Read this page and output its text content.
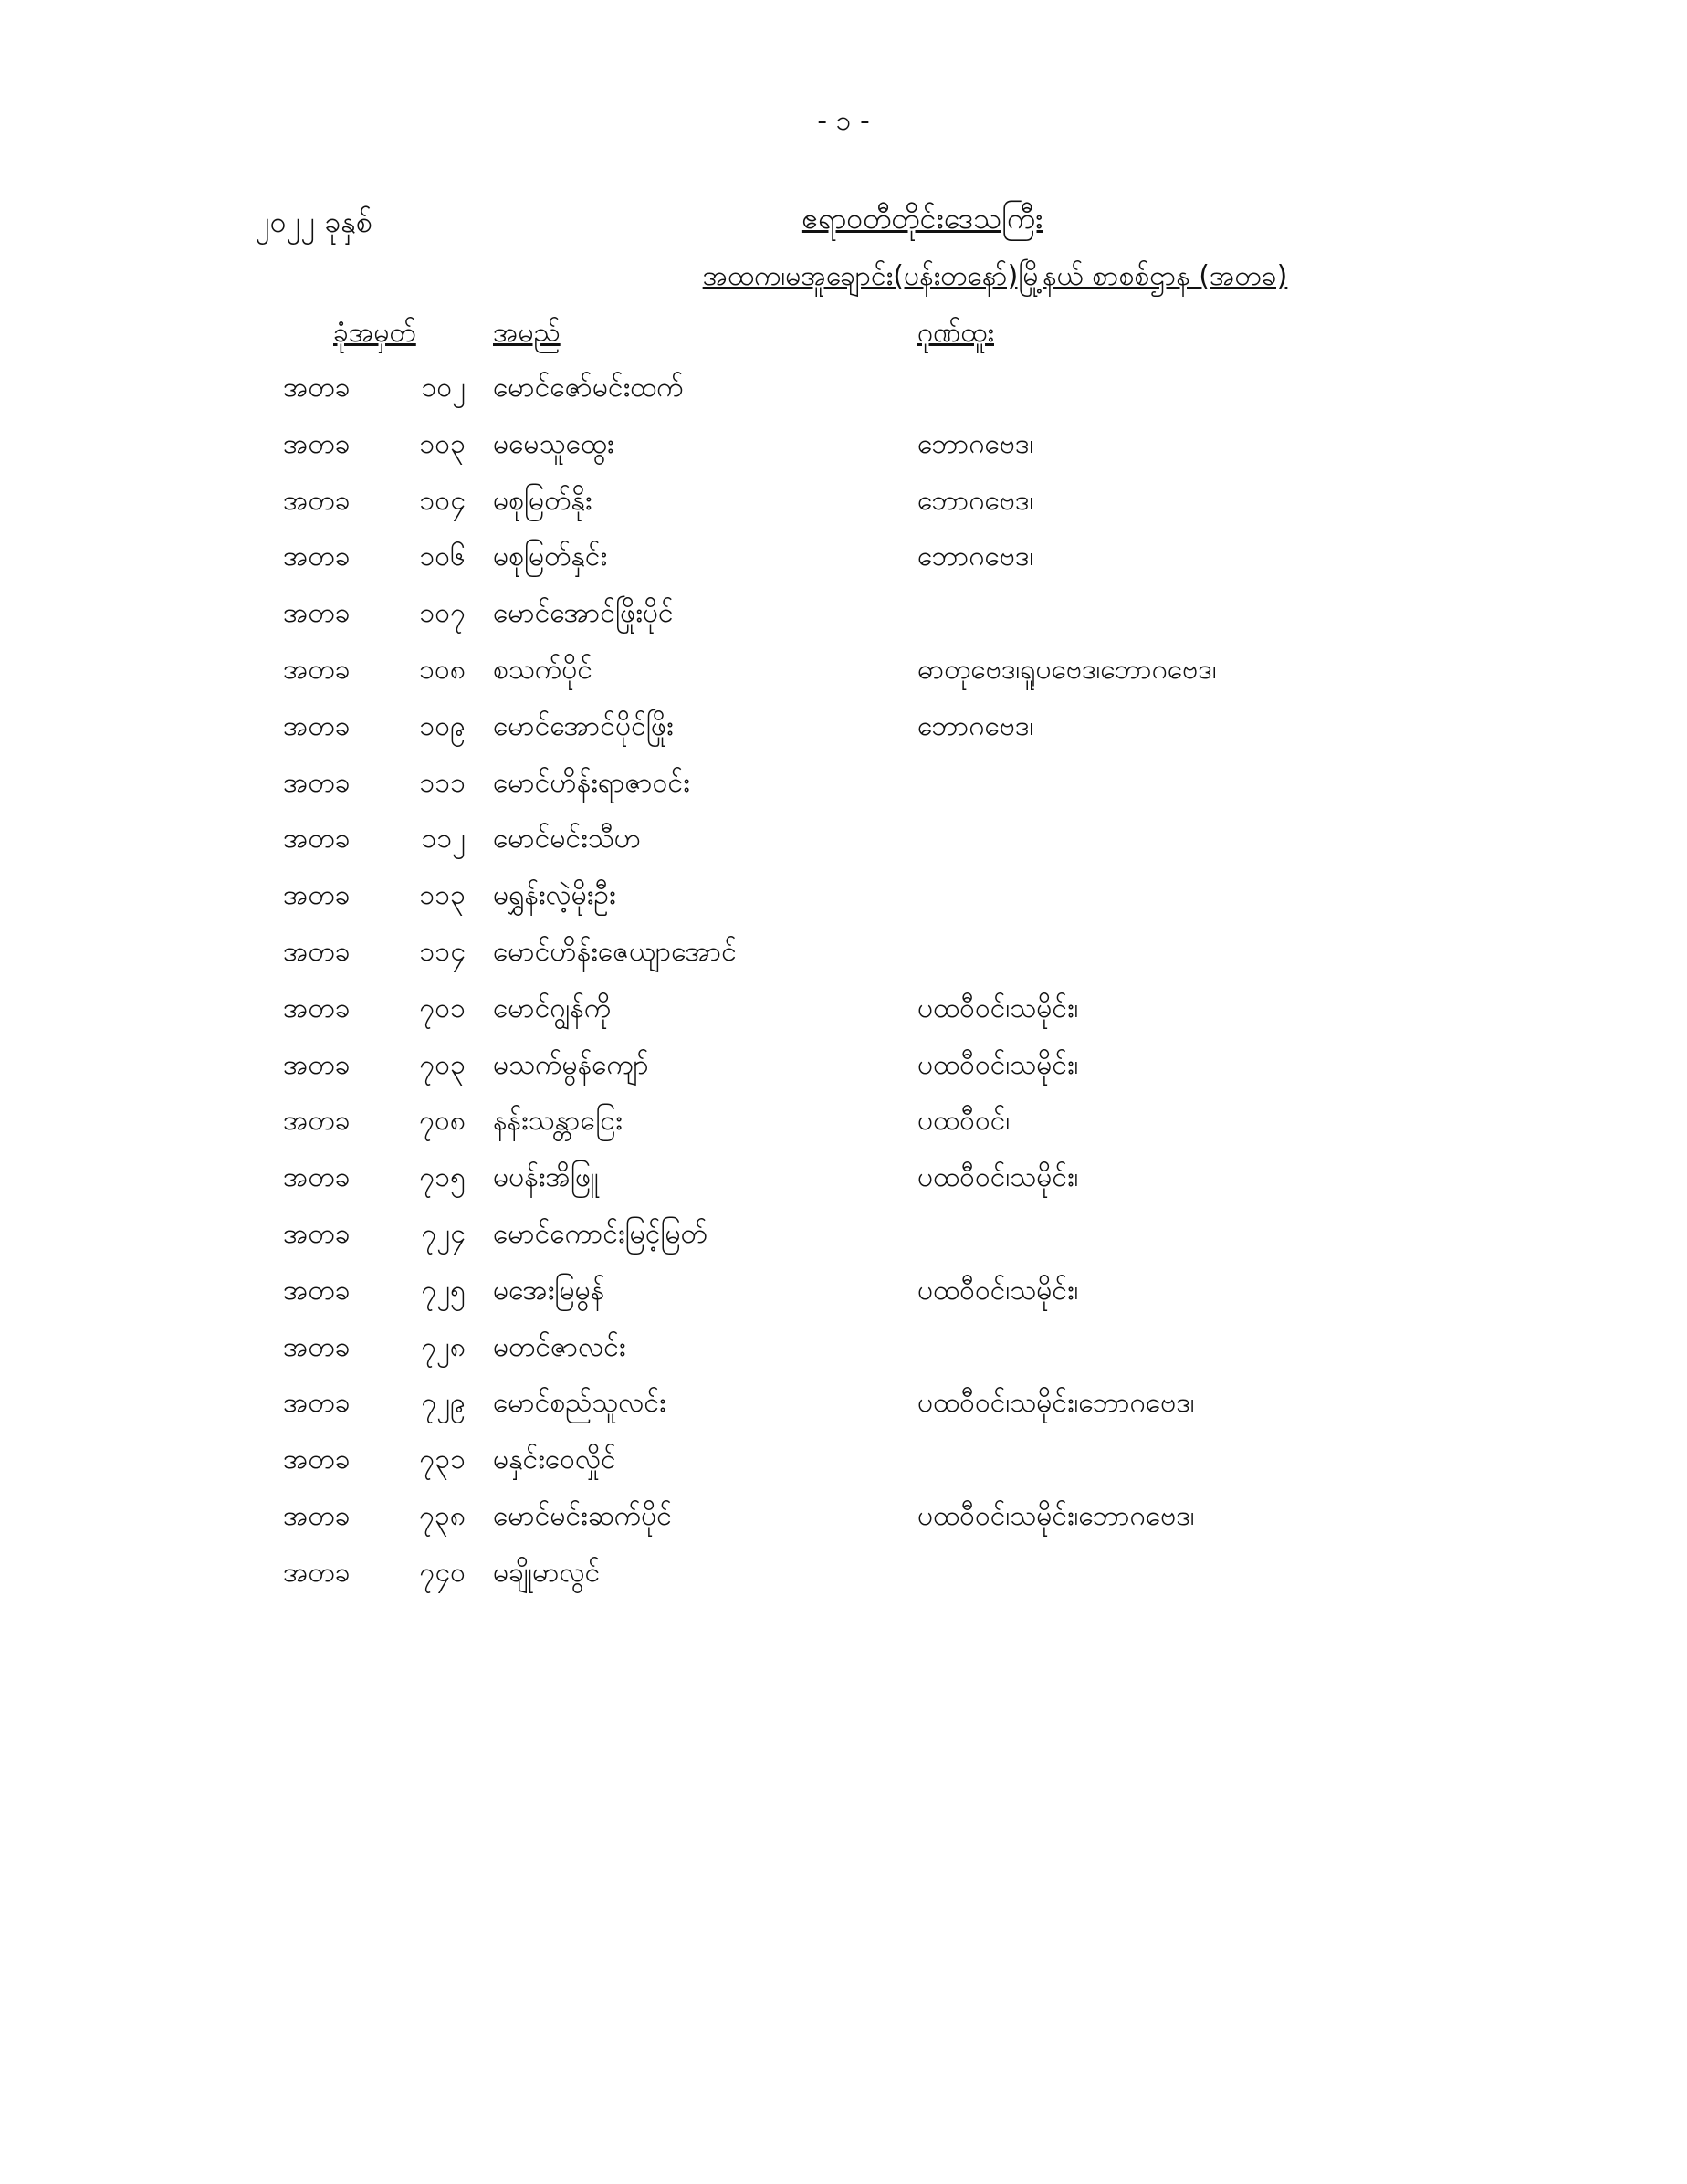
- ၁ -
၂၀၂၂ ခုနှစ်	ဧရာဝတီတိုင်းဒေသကြီး
အထက၊မအူချောင်း(ပန်းတနော်)မြို့နယ် စာစစ်ဌာန (အတခ)
ခုံအမှတ်	အမည်	ဂုဏ်ထူး
အတခ	၁၀၂ မောင်ဇော်မင်းထက်
အတခ	၁၀၃ မမေသူထွေး	ဘောဂဗေဒ၊
အတခ	၁၀၄ မစုမြတ်နိုး	ဘောဂဗေဒ၊
အတခ	၁၀၆ မစုမြတ်နှင်း	ဘောဂဗေဒ၊
အတခ	၁၀၇ မောင်အောင်ဖြိုးပိုင်
အတခ	၁၀၈ စသက်ပိုင်	ဓာတုဗေဒ၊ရူပဗေဒ၊ဘောဂဗေဒ၊
အတခ	၁၀၉ မောင်အောင်ပိုင်ဖြိုး	ဘောဂဗေဒ၊
အတခ	၁၁၁ မောင်ဟိန်းရာဇာဝင်း
အတခ	၁၁၂ မောင်မင်းသီဟ
အတခ	၁၁၃ မရွှန်းလဲ့မိုးဦး
အတခ	၁၁၄ မောင်ဟိန်းဇေယျာအောင်
အတခ	၇၀၁ မောင်ဂျွန်ကို	ပထဝီဝင်၊သမိုင်း၊
အတခ	၇၀၃ မသက်မွန်ကျော်	ပထဝီဝင်၊သမိုင်း၊
အတခ	၇၀၈ နန်းသန္တာငြေး	ပထဝီဝင်၊
အတခ	၇၁၅ မပန်းအိဖြူ	ပထဝီဝင်၊သမိုင်း၊
အတခ	၇၂၄ မောင်ကောင်းမြင့်မြတ်
အတခ	၇၂၅ မအေးမြမွန်	ပထဝီဝင်၊သမိုင်း၊
အတခ	၇၂၈ မတင်ဇာလင်း
အတခ	၇၂၉ မောင်စည်သူလင်း	ပထဝီဝင်၊သမိုင်း၊ဘောဂဗေဒ၊
အတခ	၇၃၁ မနှင်းဝေလှိုင်
အတခ	၇၃၈ မောင်မင်းဆက်ပိုင်	ပထဝီဝင်၊သမိုင်း၊ဘောဂဗေဒ၊
အတခ	၇၄၀ မချိုမာလွင်
